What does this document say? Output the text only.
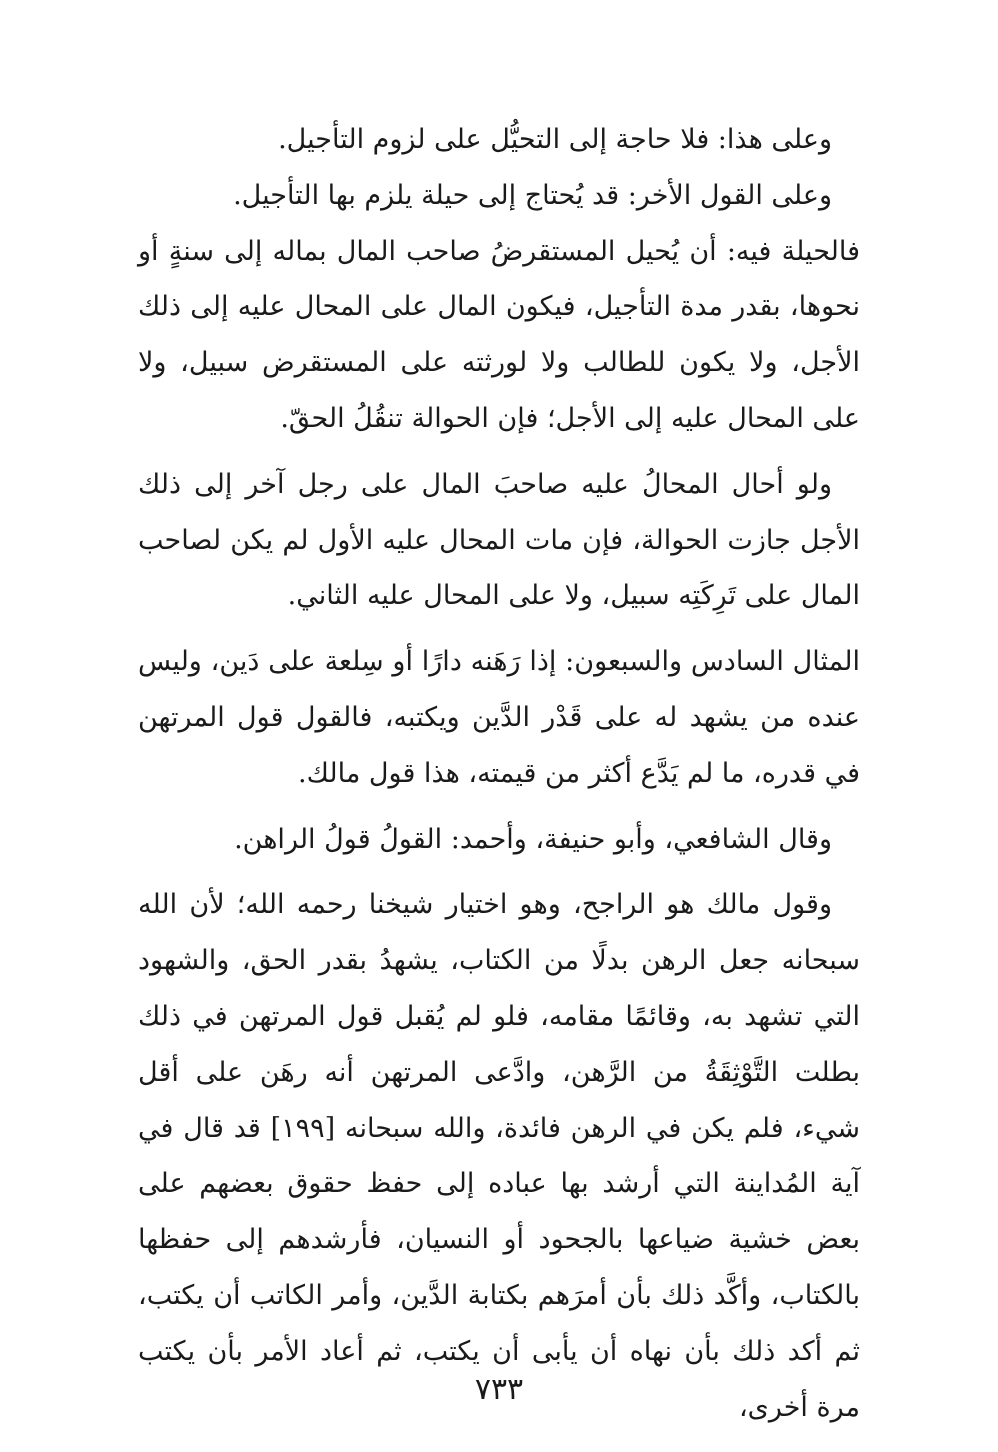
وعلى هذا: فلا حاجة إلى التحيُّل على لزوم التأجيل.

وعلى القول الأخر: قد يُحتاج إلى حيلة يلزم بها التأجيل.

فالحيلة فيه: أن يُحيل المستقرضُ صاحب المال بماله إلى سنةٍ أو نحوها، بقدر مدة التأجيل، فيكون المال على المحال عليه إلى ذلك الأجل، ولا يكون للطالب ولا لورثته على المستقرض سبيل، ولا على المحال عليه إلى الأجل؛ فإن الحوالة تنقُلُ الحقّ.

ولو أحال المحالُ عليه صاحبَ المال على رجل آخر إلى ذلك الأجل جازت الحوالة، فإن مات المحال عليه الأول لم يكن لصاحب المال على تَرِكَتِه سبيل، ولا على المحال عليه الثاني.

المثال السادس والسبعون: إذا رَهَنه دارًا أو سِلعة على دَين، وليس عنده من يشهد له على قَدْر الدَّين ويكتبه، فالقول قول المرتهن في قدره، ما لم يَدَّع أكثر من قيمته، هذا قول مالك.

وقال الشافعي، وأبو حنيفة، وأحمد: القولُ قولُ الراهن.

وقول مالك هو الراجح، وهو اختيار شيخنا رحمه الله؛ لأن الله سبحانه جعل الرهن بدلًا من الكتاب، يشهدُ بقدر الحق، والشهود التي تشهد به، وقائمًا مقامه، فلو لم يُقبل قول المرتهن في ذلك بطلت التَّوْثِقَةُ من الرَّهن، وادَّعى المرتهن أنه رهَن على أقل شيء، فلم يكن في الرهن فائدة، والله سبحانه [١٩٩] قد قال في آية المُداينة التي أرشد بها عباده إلى حفظ حقوق بعضهم على بعض خشية ضياعها بالجحود أو النسيان، فأرشدهم إلى حفظها بالكتاب، وأكَّد ذلك بأن أمرَهم بكتابة الدَّين، وأمر الكاتب أن يكتب، ثم أكد ذلك بأن نهاه أن يأبى أن يكتب، ثم أعاد الأمر بأن يكتب مرة أخرى،

٧٣٣
